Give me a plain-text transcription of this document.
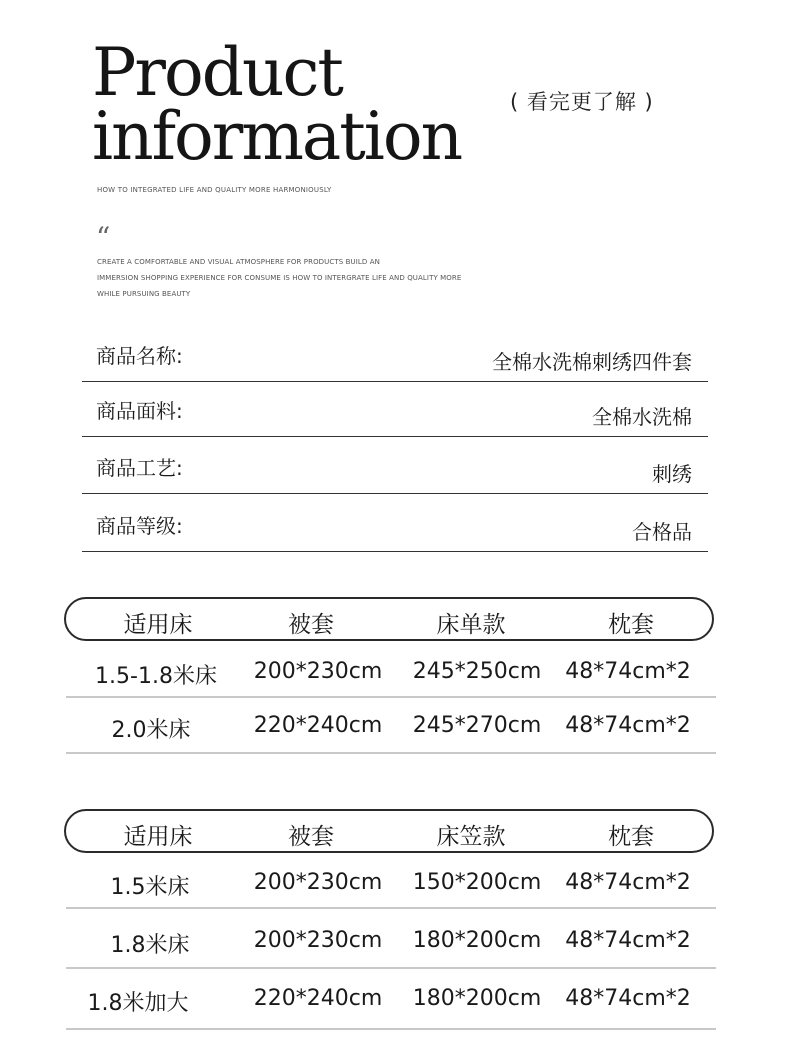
Product
information ( 看完更了解 )
HOW TO INTEGRATED LIFE AND QUALITY MORE HARMONIOUSLY
“
CREATE A COMFORTABLE AND VISUAL ATMOSPHERE FOR PRODUCTS BUILD AN
IMMERSION SHOPPING EXPERIENCE FOR CONSUME IS HOW TO INTERGRATE LIFE AND QUALITY MORE
WHILE PURSUING BEAUTY
商品名称:	全棉水洗棉刺绣四件套
商品面料:	全棉水洗棉
商品工艺:	刺绣
商品等级:	合格品
适用床	被套	床单款	枕套
1.5-1.8米床	200*230cm	245*250cm	48*74cm*2
2.0米床	220*240cm	245*270cm	48*74cm*2
适用床	被套	床笠款	枕套
1.5米床	200*230cm	150*200cm	48*74cm*2
1.8米床	200*230cm	180*200cm	48*74cm*2
1.8米加大	220*240cm	180*200cm	48*74cm*2
